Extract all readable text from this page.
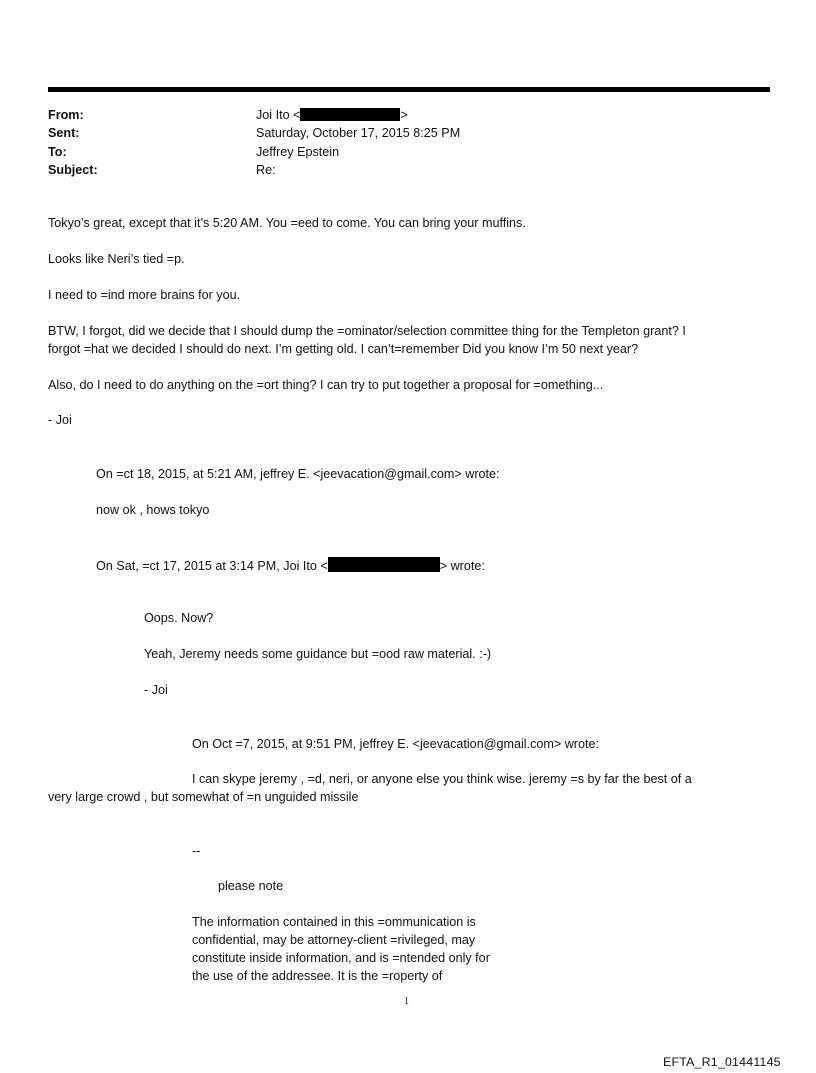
From:	Joi Ito <	>
Sent:	Saturday, October 17, 2015 8:25 PM
To:	Jeffrey Epstein
Subject:	Re:
Tokyo’s great, except that it’s 5:20 AM. You =eed to come. You can bring your muffins.
Looks like Neri’s tied =p.
I need to =ind more brains for you.
BTW, I forgot, did we decide that I should dump the =ominator/selection committee thing for the Templeton grant? I
forgot =hat we decided I should do next. I’m getting old. I can’t=remember Did you know I’m 50 next year?
Also, do I need to do anything on the =ort thing? I can try to put together a proposal for =omething...
- Joi
On =ct 18, 2015, at 5:21 AM, jeffrey E. <jeevacation@gmail.com> wrote:
now ok , hows tokyo
On Sat, =ct 17, 2015 at 3:14 PM, Joi Ito <	> wrote:
Oops. Now?
Yeah, Jeremy needs some guidance but =ood raw material. :-)
- Joi
On Oct =7, 2015, at 9:51 PM, jeffrey E. <jeevacation@gmail.com> wrote:
I can skype jeremy , =d, neri, or anyone else you think wise. jeremy =s by far the best of a
very large crowd , but somewhat of =n unguided missile
--
please note
The information contained in this =ommunication is
confidential, may be attorney-client =rivileged, may
constitute inside information, and is =ntended only for
the use of the addressee. It is the =roperty of
1
EFTA_R1_01441145
